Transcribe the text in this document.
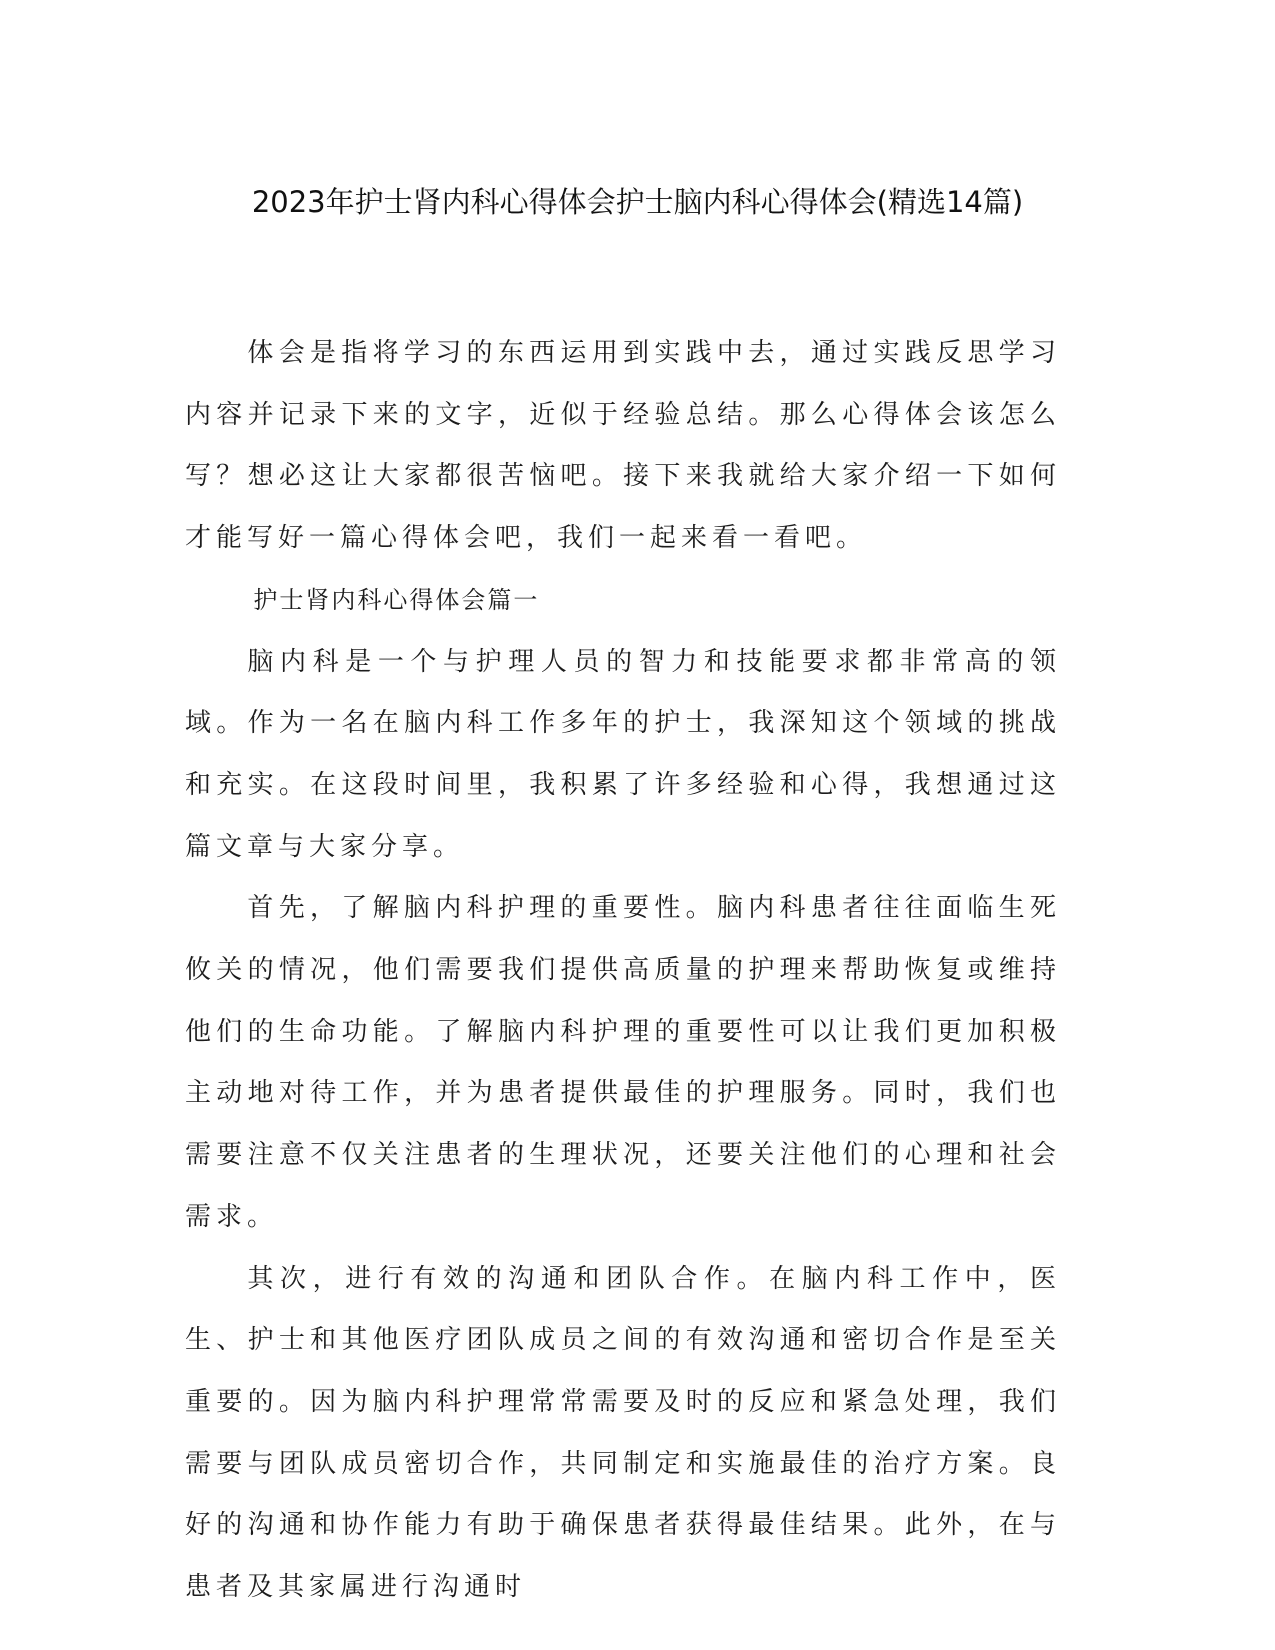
2023年护士肾内科心得体会护士脑内科心得体会(精选14篇)

体会是指将学习的东西运用到实践中去，通过实践反思学习内容并记录下来的文字，近似于经验总结。那么心得体会该怎么写？想必这让大家都很苦恼吧。接下来我就给大家介绍一下如何才能写好一篇心得体会吧，我们一起来看一看吧。

护士肾内科心得体会篇一

脑内科是一个与护理人员的智力和技能要求都非常高的领域。作为一名在脑内科工作多年的护士，我深知这个领域的挑战和充实。在这段时间里，我积累了许多经验和心得，我想通过这篇文章与大家分享。

首先，了解脑内科护理的重要性。脑内科患者往往面临生死攸关的情况，他们需要我们提供高质量的护理来帮助恢复或维持他们的生命功能。了解脑内科护理的重要性可以让我们更加积极主动地对待工作，并为患者提供最佳的护理服务。同时，我们也需要注意不仅关注患者的生理状况，还要关注他们的心理和社会需求。

其次，进行有效的沟通和团队合作。在脑内科工作中，医生、护士和其他医疗团队成员之间的有效沟通和密切合作是至关重要的。因为脑内科护理常常需要及时的反应和紧急处理，我们需要与团队成员密切合作，共同制定和实施最佳的治疗方案。良好的沟通和协作能力有助于确保患者获得最佳结果。此外，在与患者及其家属进行沟通时
